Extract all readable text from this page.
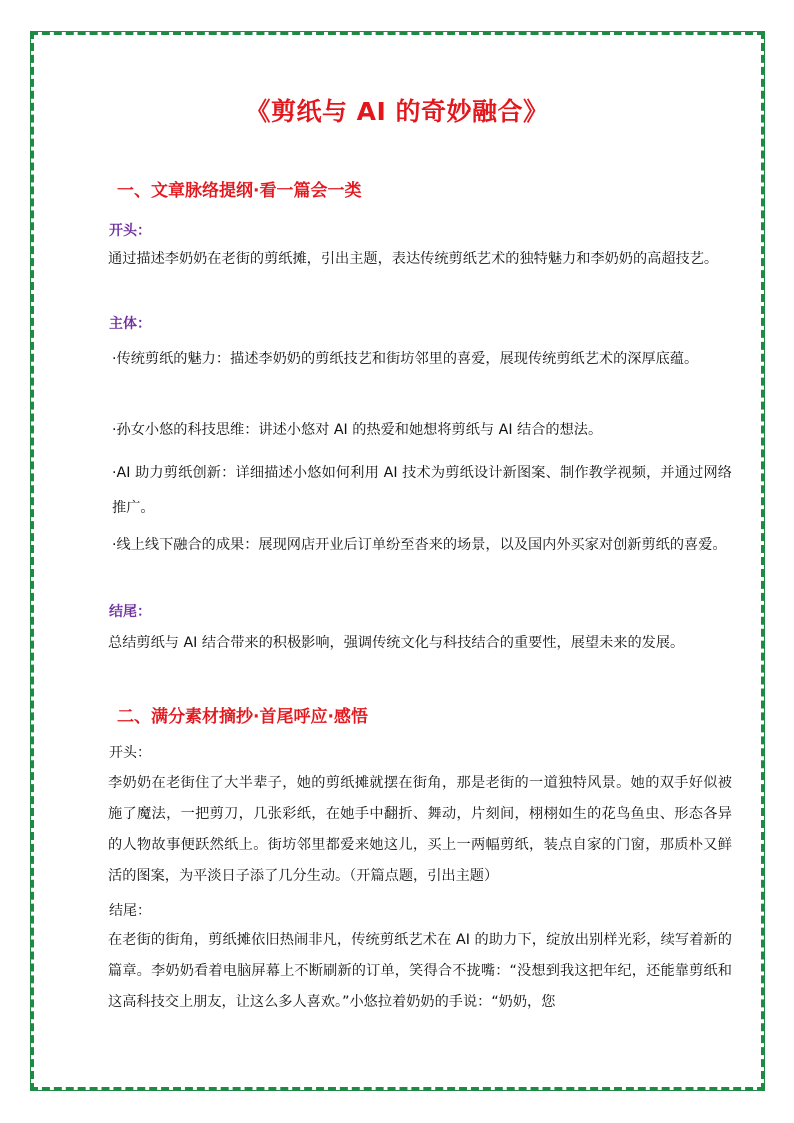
《剪纸与 AI 的奇妙融合》
一、文章脉络提纲·看一篇会一类
开头：

通过描述李奶奶在老街的剪纸摊，引出主题，表达传统剪纸艺术的独特魅力和李奶奶的高超技艺。

主体：

·传统剪纸的魅力：描述李奶奶的剪纸技艺和街坊邻里的喜爱，展现传统剪纸艺术的深厚底蕴。

·孙女小悠的科技思维：讲述小悠对 AI 的热爱和她想将剪纸与 AI 结合的想法。

·AI 助力剪纸创新：详细描述小悠如何利用 AI 技术为剪纸设计新图案、制作教学视频，并通过网络推广。

·线上线下融合的成果：展现网店开业后订单纷至沓来的场景，以及国内外买家对创新剪纸的喜爱。

结尾：

总结剪纸与 AI 结合带来的积极影响，强调传统文化与科技结合的重要性，展望未来的发展。

二、满分素材摘抄·首尾呼应·感悟
开头：

李奶奶在老街住了大半辈子，她的剪纸摊就摆在街角，那是老街的一道独特风景。她的双手好似被施了魔法，一把剪刀，几张彩纸，在她手中翻折、舞动，片刻间，栩栩如生的花鸟鱼虫、形态各异的人物故事便跃然纸上。街坊邻里都爱来她这儿，买上一两幅剪纸，装点自家的门窗，那质朴又鲜活的图案，为平淡日子添了几分生动。（开篇点题，引出主题）

结尾：

在老街的街角，剪纸摊依旧热闹非凡，传统剪纸艺术在 AI 的助力下，绽放出别样光彩，续写着新的篇章。李奶奶看着电脑屏幕上不断刷新的订单，笑得合不拢嘴：“没想到我这把年纪，还能靠剪纸和这高科技交上朋友，让这么多人喜欢。”小悠拉着奶奶的手说：“奶奶，您
